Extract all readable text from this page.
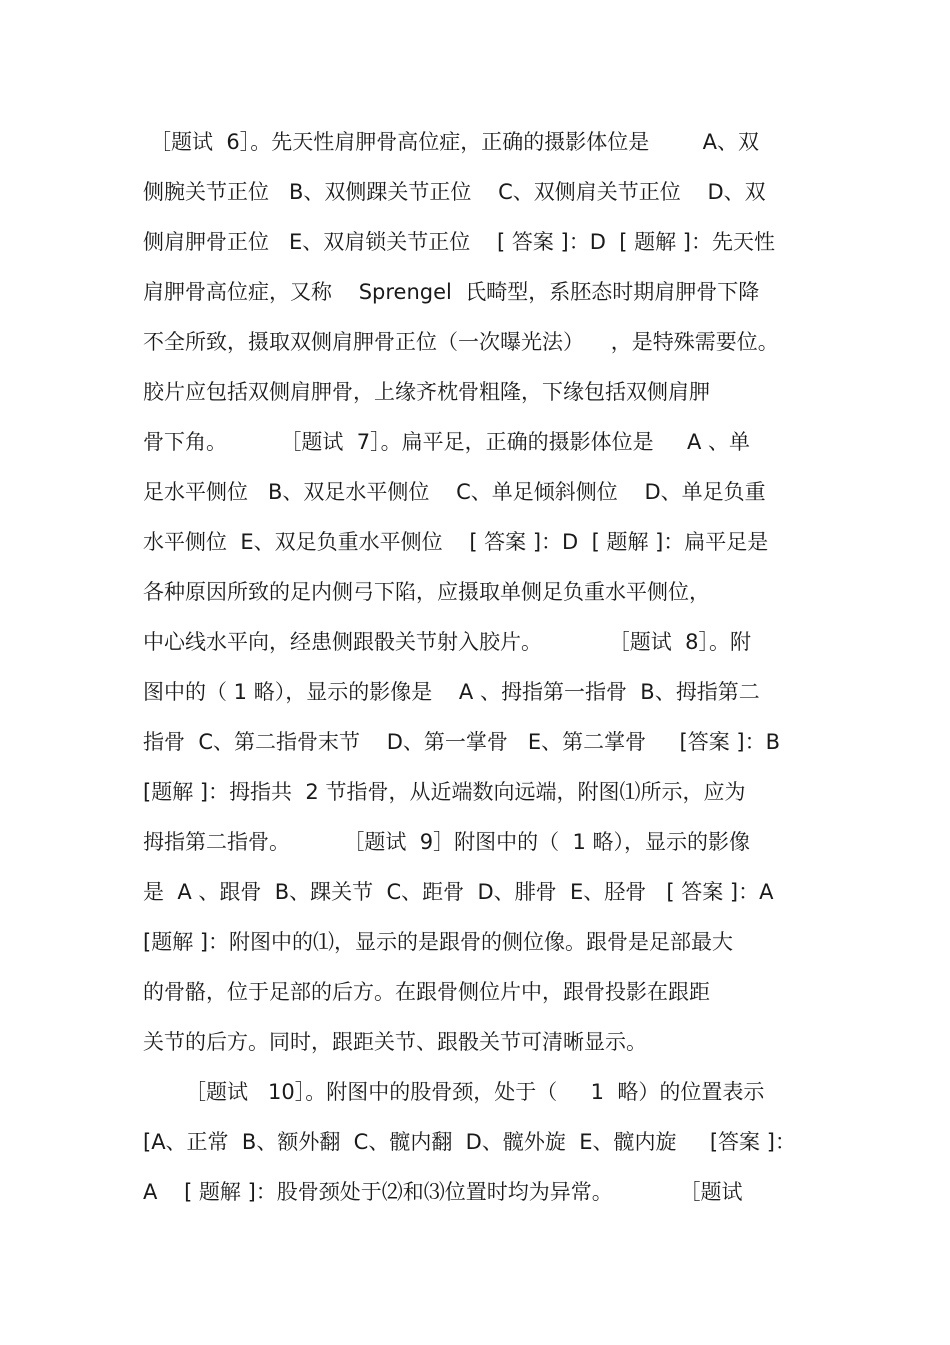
［题试  6］。先天性肩胛骨高位症，正确的摄影体位是        A、双
侧腕关节正位   B、双侧踝关节正位    C、双侧肩关节正位    D、双
侧肩胛骨正位   E、双肩锁关节正位    [ 答案 ]：D  [ 题解 ]：先天性
肩胛骨高位症，又称    Sprengel  氏畸型，系胚态时期肩胛骨下降
不全所致，摄取双侧肩胛骨正位（一次曝光法）    ，是特殊需要位。
胶片应包括双侧肩胛骨，上缘齐枕骨粗隆，下缘包括双侧肩胛
骨下角。        ［题试  7］。扁平足，正确的摄影体位是     A 、单
足水平侧位   B、双足水平侧位    C、单足倾斜侧位    D、单足负重
水平侧位  E、双足负重水平侧位    [ 答案 ]：D  [ 题解 ]：扁平足是
各种原因所致的足内侧弓下陷，应摄取单侧足负重水平侧位，
中心线水平向，经患侧跟骰关节射入胶片。          ［题试  8］。附
图中的（ 1 略），显示的影像是    A 、拇指第一指骨  B、拇指第二
指骨  C、第二指骨末节    D、第一掌骨   E、第二掌骨     [答案 ]：B
[题解 ]：拇指共  2 节指骨，从近端数向远端，附图⑴所示，应为
拇指第二指骨。        ［题试  9］附图中的（  1 略），显示的影像
是  A 、跟骨  B、踝关节  C、距骨  D、腓骨  E、胫骨   [ 答案 ]：A
[题解 ]：附图中的⑴，显示的是跟骨的侧位像。跟骨是足部最大
的骨骼，位于足部的后方。在跟骨侧位片中，跟骨投影在跟距
关节的后方。同时，跟距关节、跟骰关节可清晰显示。
［题试   10］。附图中的股骨颈，处于（     1  略）的位置表示
[A、正常  B、额外翻  C、髋内翻  D、髋外旋  E、髋内旋     [答案 ]：
A    [ 题解 ]：股骨颈处于⑵和⑶位置时均为异常。          ［题试
